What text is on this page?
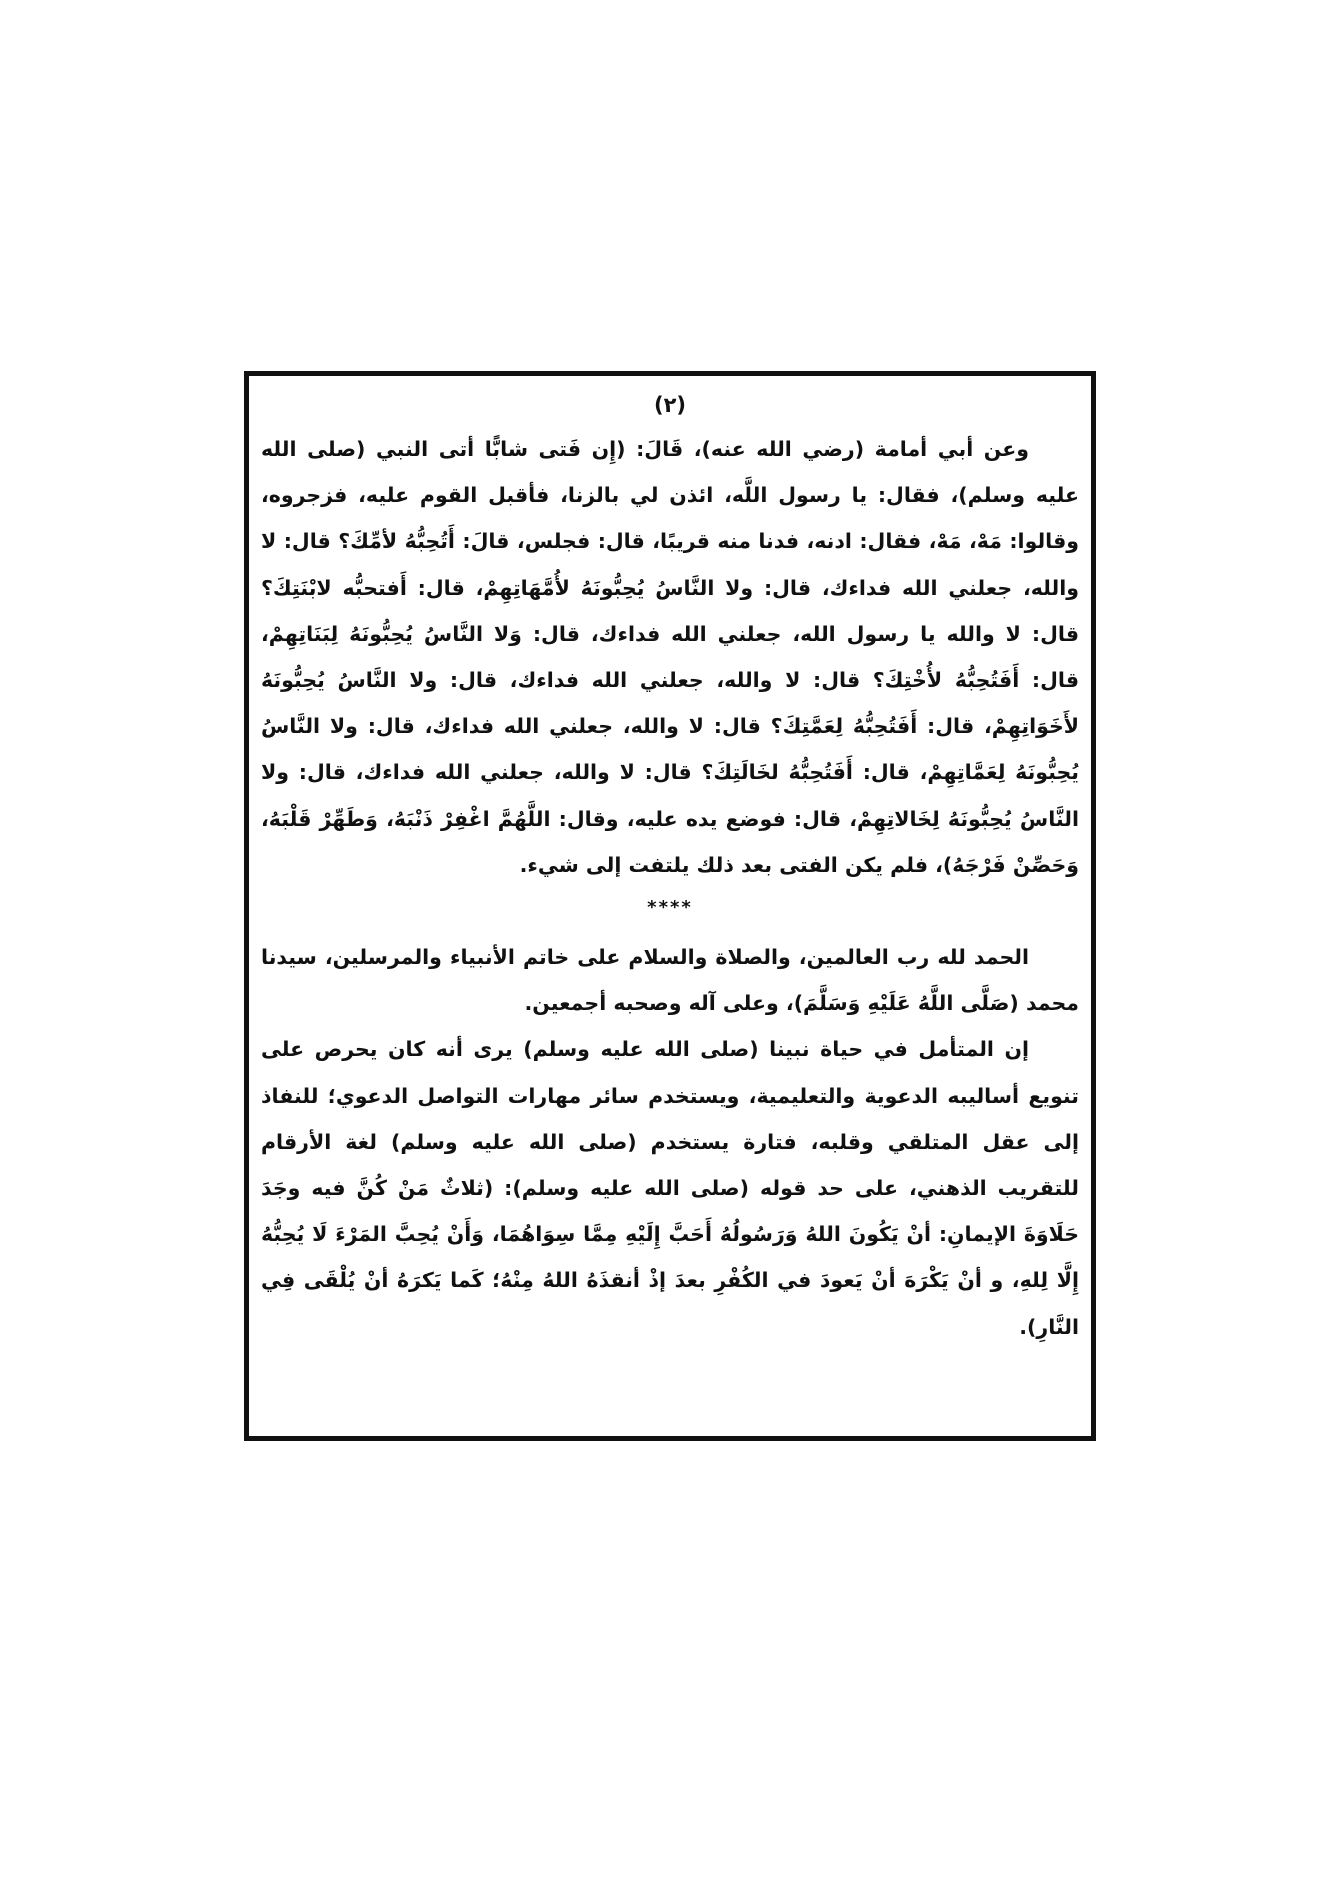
(٢)

وعن أبي أمامة (رضي الله عنه)، قَالَ: (إِن فَتى شابًّا أتى النبي (صلى الله عليه وسلم)، فقال: يا رسول اللَّه، ائذن لي بالزنا، فأقبل القوم عليه، فزجروه، وقالوا: مَهْ، مَهْ، فقال: ادنه، فدنا منه قريبًا، قال: فجلس، قالَ: أَتُحِبُّهُ لأمِّكَ؟ قال: لا والله، جعلني الله فداءك، قال: ولا النَّاسُ يُحِبُّونَهُ لأُمَّهَاتِهِمْ، قال: أَفتحبُّه لابْنَتِكَ؟ قال: لا والله يا رسول الله، جعلني الله فداءك، قال: وَلا النَّاسُ يُحِبُّونَهُ لِبَنَاتِهِمْ، قال: أَفَتُحِبُّهُ لأُخْتِكَ؟ قال: لا والله، جعلني الله فداءك، قال: ولا النَّاسُ يُحِبُّونَهُ لأَخَوَاتِهِمْ، قال: أَفَتُحِبُّهُ لِعَمَّتِكَ؟ قال: لا والله، جعلني الله فداءك، قال: ولا النَّاسُ يُحِبُّونَهُ لِعَمَّاتِهِمْ، قال: أَفَتُحِبُّهُ لخَالَتِكَ؟ قال: لا والله، جعلني الله فداءك، قال: ولا النَّاسُ يُحِبُّونَهُ لِخَالاتِهِمْ، قال: فوضع يده عليه، وقال: اللَّهُمَّ اغْفِرْ ذَنْبَهُ، وَطَهِّرْ قَلْبَهُ، وَحَصِّنْ فَرْجَهُ)، فلم يكن الفتى بعد ذلك يلتفت إلى شيء.

****

الحمد لله رب العالمين، والصلاة والسلام على خاتم الأنبياء والمرسلين، سيدنا محمد (صَلَّى اللَّهُ عَلَيْهِ وَسَلَّمَ)، وعلى آله وصحبه أجمعين.

إن المتأمل في حياة نبينا (صلى الله عليه وسلم) يرى أنه كان يحرص على تنويع أساليبه الدعوية والتعليمية، ويستخدم سائر مهارات التواصل الدعوي؛ للنفاذ إلى عقل المتلقي وقلبه، فتارة يستخدم (صلى الله عليه وسلم) لغة الأرقام للتقريب الذهني، على حد قوله (صلى الله عليه وسلم): (ثلاثٌ مَنْ كُنَّ فيه وجَدَ حَلَاوَةَ الإيمانِ: أنْ يَكُونَ اللهُ وَرَسُولُهُ أَحَبَّ إِلَيْهِ مِمَّا سِوَاهُمَا، وَأَنْ يُحِبَّ المَرْءَ لَا يُحِبُّهُ إِلَّا لِلهِ، و أنْ يَكْرَهَ أنْ يَعودَ في الكُفْرِ بعدَ إذْ أنقذَهُ اللهُ مِنْهُ؛ كَما يَكرَهُ أنْ يُلْقَى فِي النَّارِ).
